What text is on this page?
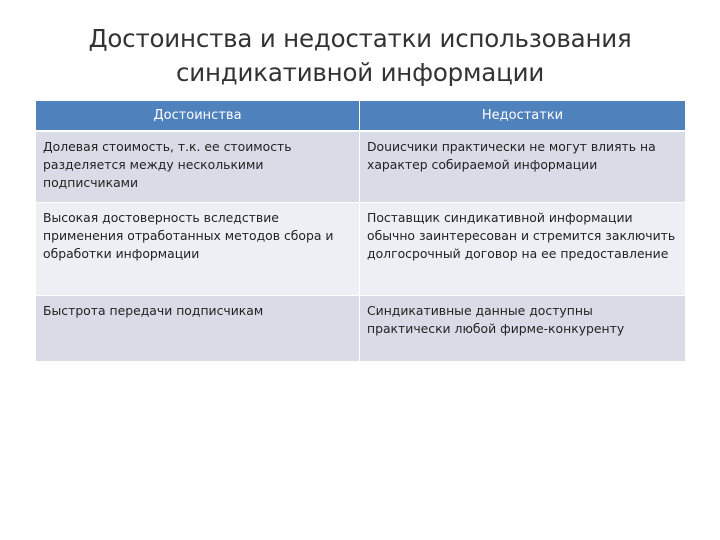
Достоинства и недостатки использования
синдикативной информации
Достоинства	Недостатки
Долевая стоимость, т.к. ее стоимость разделяется между несколькими подписчиками	Douисчики практически не могут влиять на характер собираемой информации
Высокая достоверность вследствие применения отработанных методов сбора и обработки информации	Поставщик синдикативной информации обычно заинтересован и стремится заключить долгосрочный договор на ее предоставление
Быстрота передачи подписчикам	Синдикативные данные доступны практически любой фирме-конкуренту
